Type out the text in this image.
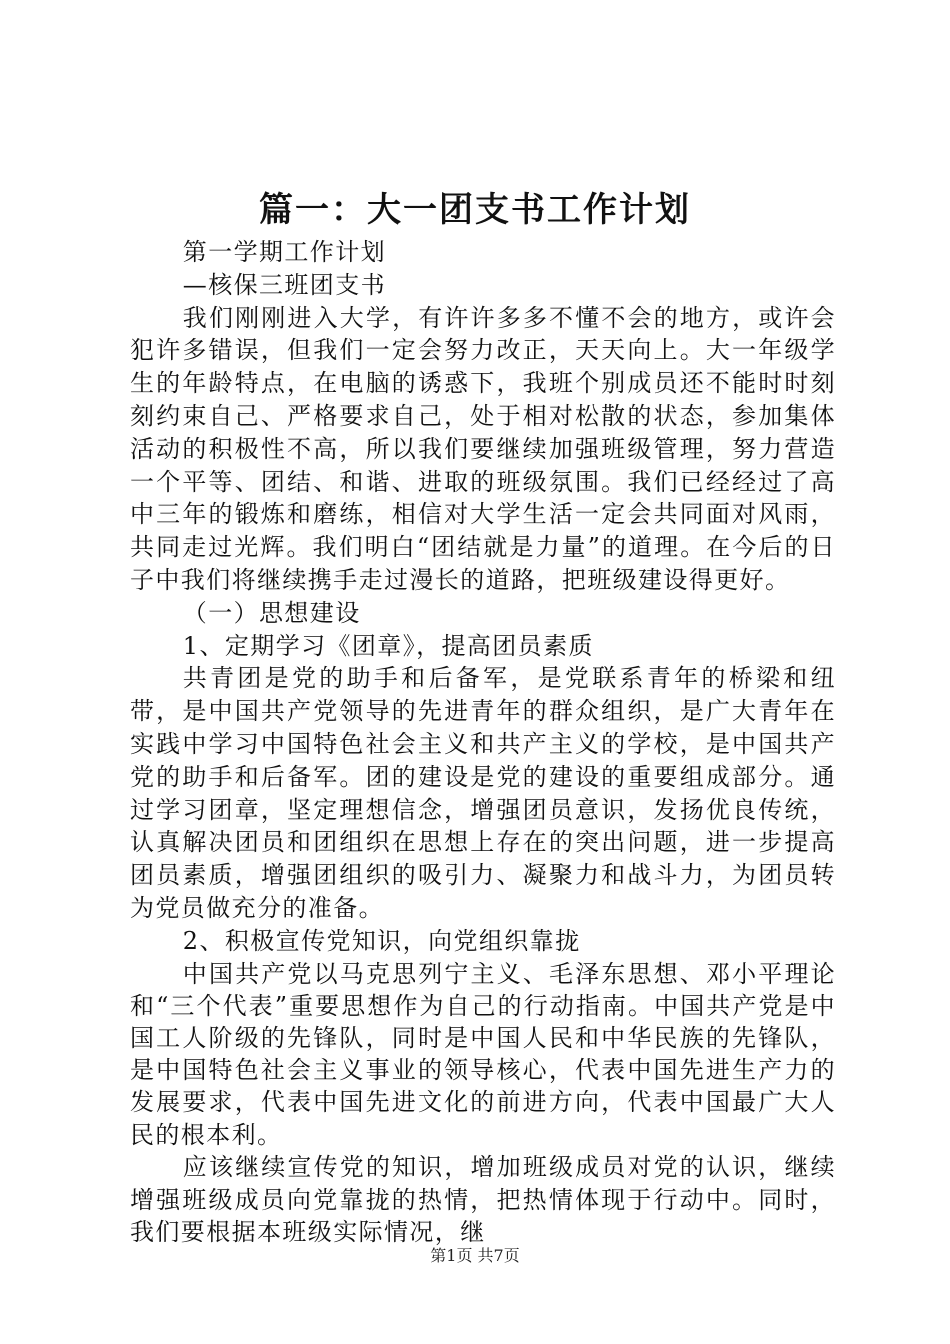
篇一：大一团支书工作计划

第一学期工作计划

—核保三班团支书

我们刚刚进入大学，有许许多多不懂不会的地方，或许会犯许多错误，但我们一定会努力改正，天天向上。大一年级学生的年龄特点，在电脑的诱惑下，我班个别成员还不能时时刻刻约束自己、严格要求自己，处于相对松散的状态，参加集体活动的积极性不高，所以我们要继续加强班级管理，努力营造一个平等、团结、和谐、进取的班级氛围。我们已经经过了高中三年的锻炼和磨练，相信对大学生活一定会共同面对风雨，共同走过光辉。我们明白“团结就是力量”的道理。在今后的日子中我们将继续携手走过漫长的道路，把班级建设得更好。

（一）思想建设

1、定期学习《团章》，提高团员素质

共青团是党的助手和后备军，是党联系青年的桥梁和纽带，是中国共产党领导的先进青年的群众组织，是广大青年在实践中学习中国特色社会主义和共产主义的学校，是中国共产党的助手和后备军。团的建设是党的建设的重要组成部分。通过学习团章，坚定理想信念，增强团员意识，发扬优良传统，认真解决团员和团组织在思想上存在的突出问题，进一步提高团员素质，增强团组织的吸引力、凝聚力和战斗力，为团员转为党员做充分的准备。

2、积极宣传党知识，向党组织靠拢

中国共产党以马克思列宁主义、毛泽东思想、邓小平理论和“三个代表”重要思想作为自己的行动指南。中国共产党是中国工人阶级的先锋队，同时是中国人民和中华民族的先锋队，是中国特色社会主义事业的领导核心，代表中国先进生产力的发展要求，代表中国先进文化的前进方向，代表中国最广大人民的根本利。

应该继续宣传党的知识，增加班级成员对党的认识，继续增强班级成员向党靠拢的热情，把热情体现于行动中。同时，我们要根据本班级实际情况，继

第1页 共7页
